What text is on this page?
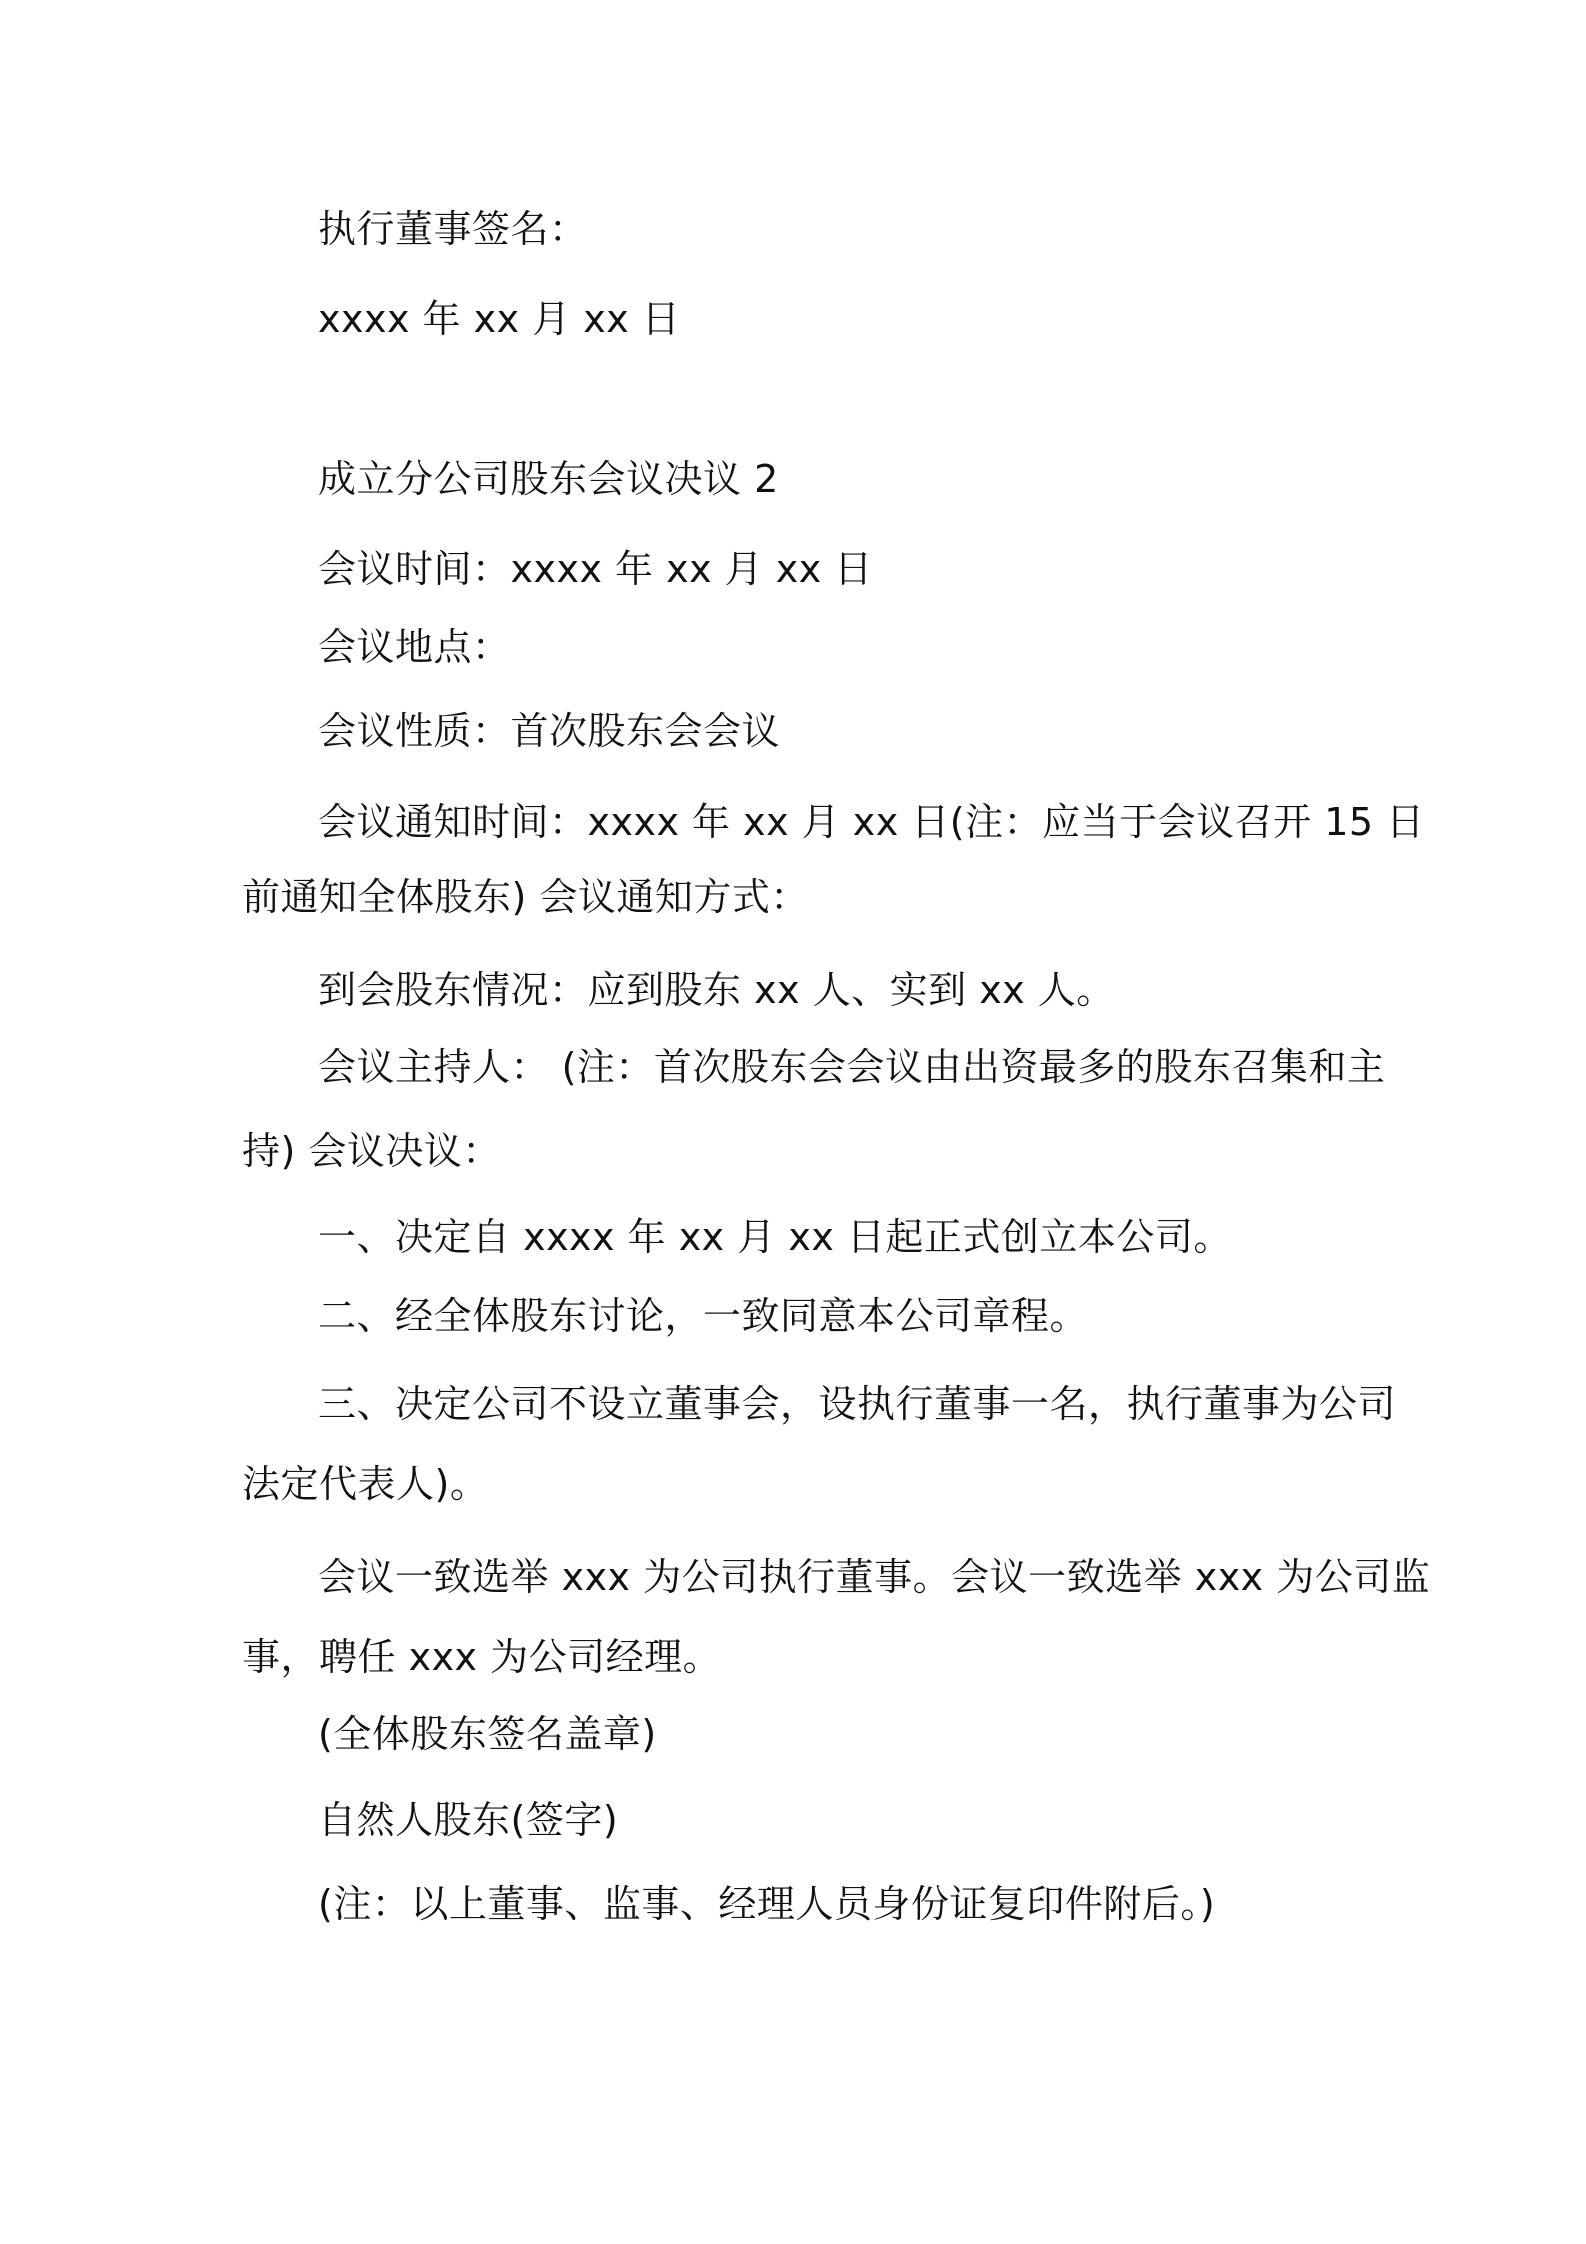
执行董事签名：
xxxx 年 xx 月 xx 日
成立分公司股东会议决议 2
会议时间：xxxx 年 xx 月 xx 日
会议地点：
会议性质：首次股东会会议
会议通知时间：xxxx 年 xx 月 xx 日(注：应当于会议召开 15 日
前通知全体股东) 会议通知方式：
到会股东情况：应到股东 xx 人、实到 xx 人。
会议主持人： (注：首次股东会会议由出资最多的股东召集和主
持) 会议决议：
一、决定自 xxxx 年 xx 月 xx 日起正式创立本公司。
二、经全体股东讨论，一致同意本公司章程。
三、决定公司不设立董事会，设执行董事一名，执行董事为公司
法定代表人)。
会议一致选举 xxx 为公司执行董事。会议一致选举 xxx 为公司监
事，聘任 xxx 为公司经理。
(全体股东签名盖章)
自然人股东(签字)
(注：以上董事、监事、经理人员身份证复印件附后。)
